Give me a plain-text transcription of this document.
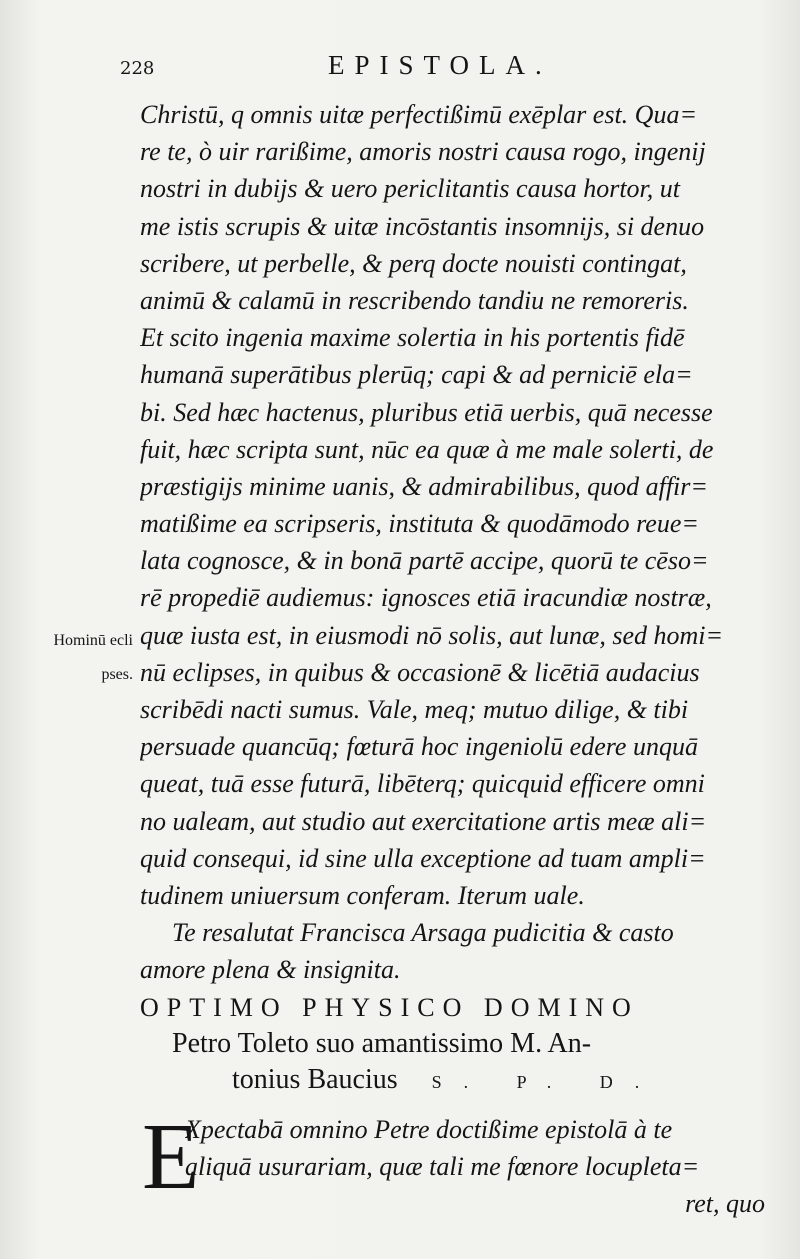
228	EPISTOLA.
Christū, q omnis uitæ perfectißimū exēplar est. Qua=
re te, ò uir rarißime, amoris nostri causa rogo, ingenij
nostri in dubijs & uero periclitantis causa hortor, ut
me istis scrupis & uitæ incōstantis insomnijs, si denuo
scribere, ut perbelle, & perq docte nouisti contingat,
animū & calamū in rescribendo tandiu ne remoreris.
Et scito ingenia maxime solertia in his portentis fidē
humanā superātibus plerūq; capi & ad perniciē ela=
bi. Sed hæc hactenus, pluribus etiā uerbis, quā necesse
fuit, hæc scripta sunt, nūc ea quæ à me male solerti, de
præstigijs minime uanis, & admirabilibus, quod affir=
matißime ea scripseris, instituta & quodāmodo reue=
lata cognosce, & in bonā partē accipe, quorū te cēso=
rē propediē audiemus: ignosces etiā iracundiæ nostræ,
quæ iusta est, in eiusmodi nō solis, aut lunæ, sed homi=
nū eclipses, in quibus & occasionē & licētiā audacius
scribēdi nacti sumus. Vale, meq; mutuo dilige, & tibi
persuade quancūq; fœturā hoc ingeniolū edere unquā
queat, tuā esse futurā, libēterq; quicquid efficere omni
no ualeam, aut studio aut exercitatione artis meæ ali=
quid consequi, id sine ulla exceptione ad tuam ampli=
tudinem uniuersum conferam. Iterum uale.
Te resalutat Francisca Arsaga pudicitia & casto
amore plena & insignita.
Hominū ecli
pses.
OPTIMO PHYSICO DOMINO
Petro Toleto suo amantissimo M. An-
tonius Baucius S. P. D.
E
Xpectabā omnino Petre doctißime epistolā à te
aliquā usurariam, quæ tali me fœnore locupleta=
ret, quo
